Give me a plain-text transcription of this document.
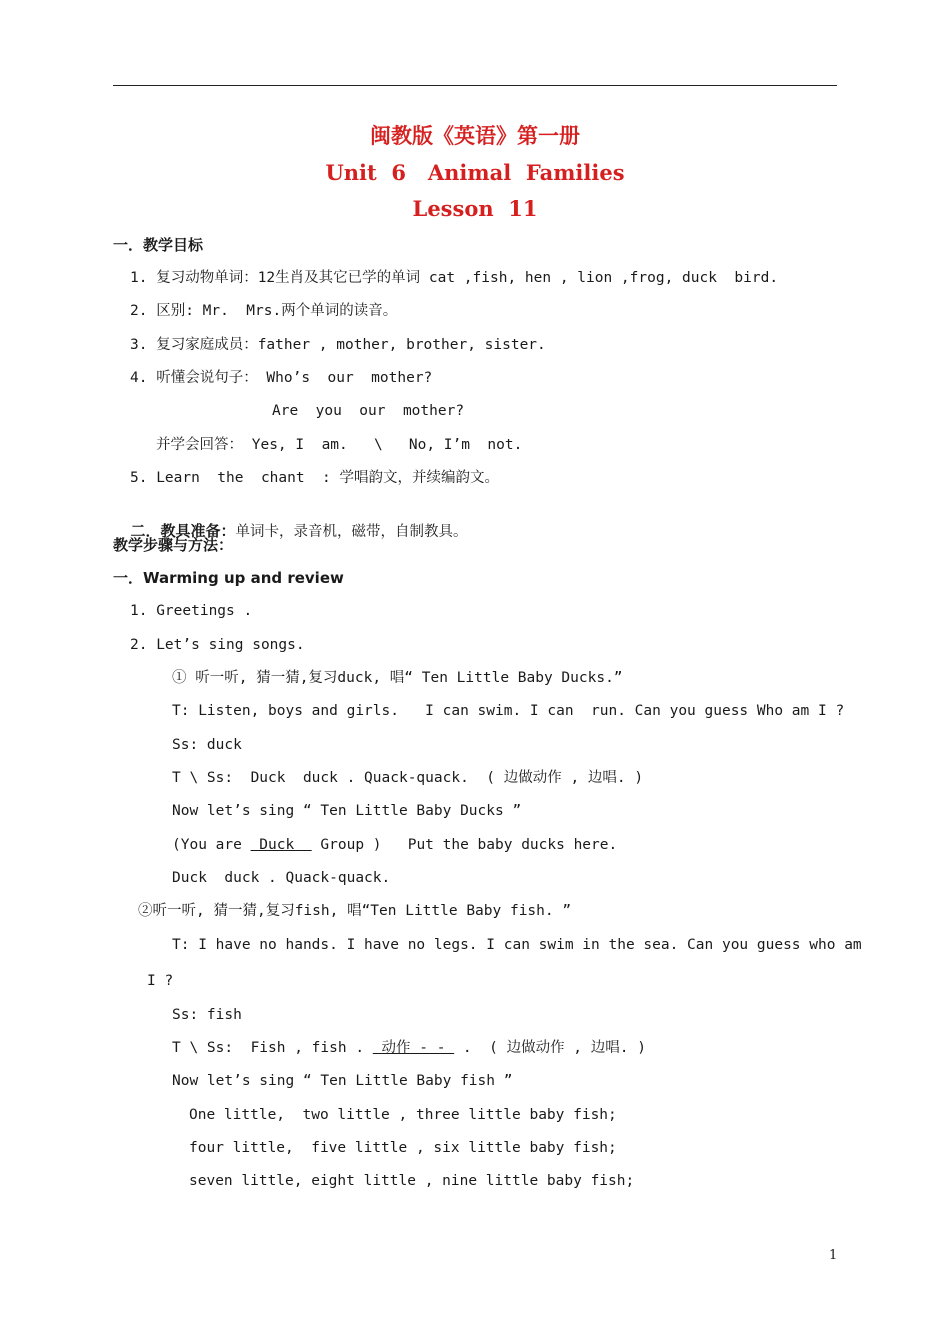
闽教版《英语》第一册
Unit  6   Animal  Families
Lesson  11
一．教学目标
1. 复习动物单词：12生肖及其它已学的单词 cat ,fish, hen , lion ,frog, duck  bird.
2. 区别: Mr.  Mrs.两个单词的读音。
3. 复习家庭成员：father , mother, brother, sister.
4. 听懂会说句子： Who’s  our  mother?
Are  you  our  mother?
并学会回答： Yes, I  am.   \   No, I’m  not.
5. Learn  the  chant  : 学唱韵文，并续编韵文。

二．教具准备：单词卡，录音机，磁带，自制教具。

教学步骤与方法：
一．Warming up and review
1. Greetings .
2. Let’s sing songs.
① 听一听, 猜一猜,复习duck, 唱“ Ten Little Baby Ducks.”
T: Listen, boys and girls.   I can swim. I can  run. Can you guess Who am I ?
Ss: duck
T \ Ss:  Duck  duck . Quack-quack.  ( 边做动作 , 边唱. )
Now let’s sing “ Ten Little Baby Ducks ”
(You are  Duck   Group )   Put the baby ducks here.
Duck  duck . Quack-quack.
②听一听, 猜一猜,复习fish, 唱“Ten Little Baby fish. ”
T: I have no hands. I have no legs. I can swim in the sea. Can you guess who am
I ?
Ss: fish
T \ Ss:  Fish , fish .  动作 - -  .  ( 边做动作 , 边唱. )
Now let’s sing “ Ten Little Baby fish ”
One little,  two little , three little baby fish;
four little,  five little , six little baby fish;
seven little, eight little , nine little baby fish;
1
